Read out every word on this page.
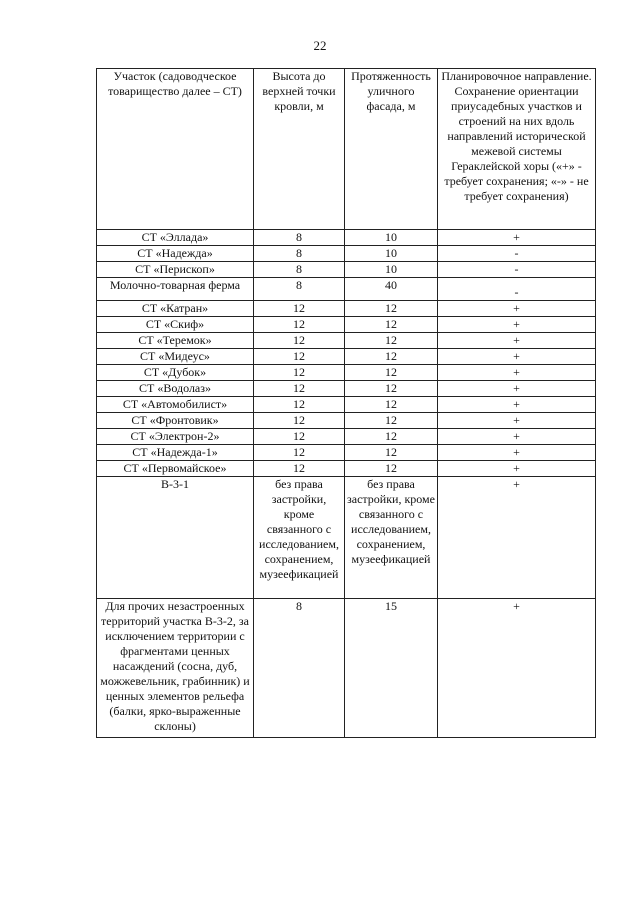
22
Участок (садоводческое товарищество далее – СТ)	Высота до верхней точки кровли, м	Протяженность уличного фасада, м	Планировочное направление. Сохранение ориентации приусадебных участков и строений на них вдоль направлений исторической межевой системы Гераклейской хоры («+» - требует сохранения; «-» - не требует сохранения)
СТ «Эллада»	8	10	+
СТ «Надежда»	8	10	-
СТ «Перископ»	8	10	-
Молочно-товарная ферма	8	40	-
СТ «Катран»	12	12	+
СТ «Скиф»	12	12	+
СТ «Теремок»	12	12	+
СТ «Мидеус»	12	12	+
СТ «Дубок»	12	12	+
СТ «Водолаз»	12	12	+
СТ «Автомобилист»	12	12	+
СТ «Фронтовик»	12	12	+
СТ «Электрон-2»	12	12	+
СТ «Надежда-1»	12	12	+
СТ «Первомайское»	12	12	+
В-3-1	без права застройки, кроме связанного с исследованием, сохранением, музеефикацией	без права застройки, кроме связанного с исследованием, сохранением, музеефикацией	+
Для прочих незастроенных территорий участка В-3-2, за исключением территории с фрагментами ценных насаждений (сосна, дуб, можжевельник, грабинник) и ценных элементов рельефа (балки, ярко-выраженные склоны)	8	15	+
